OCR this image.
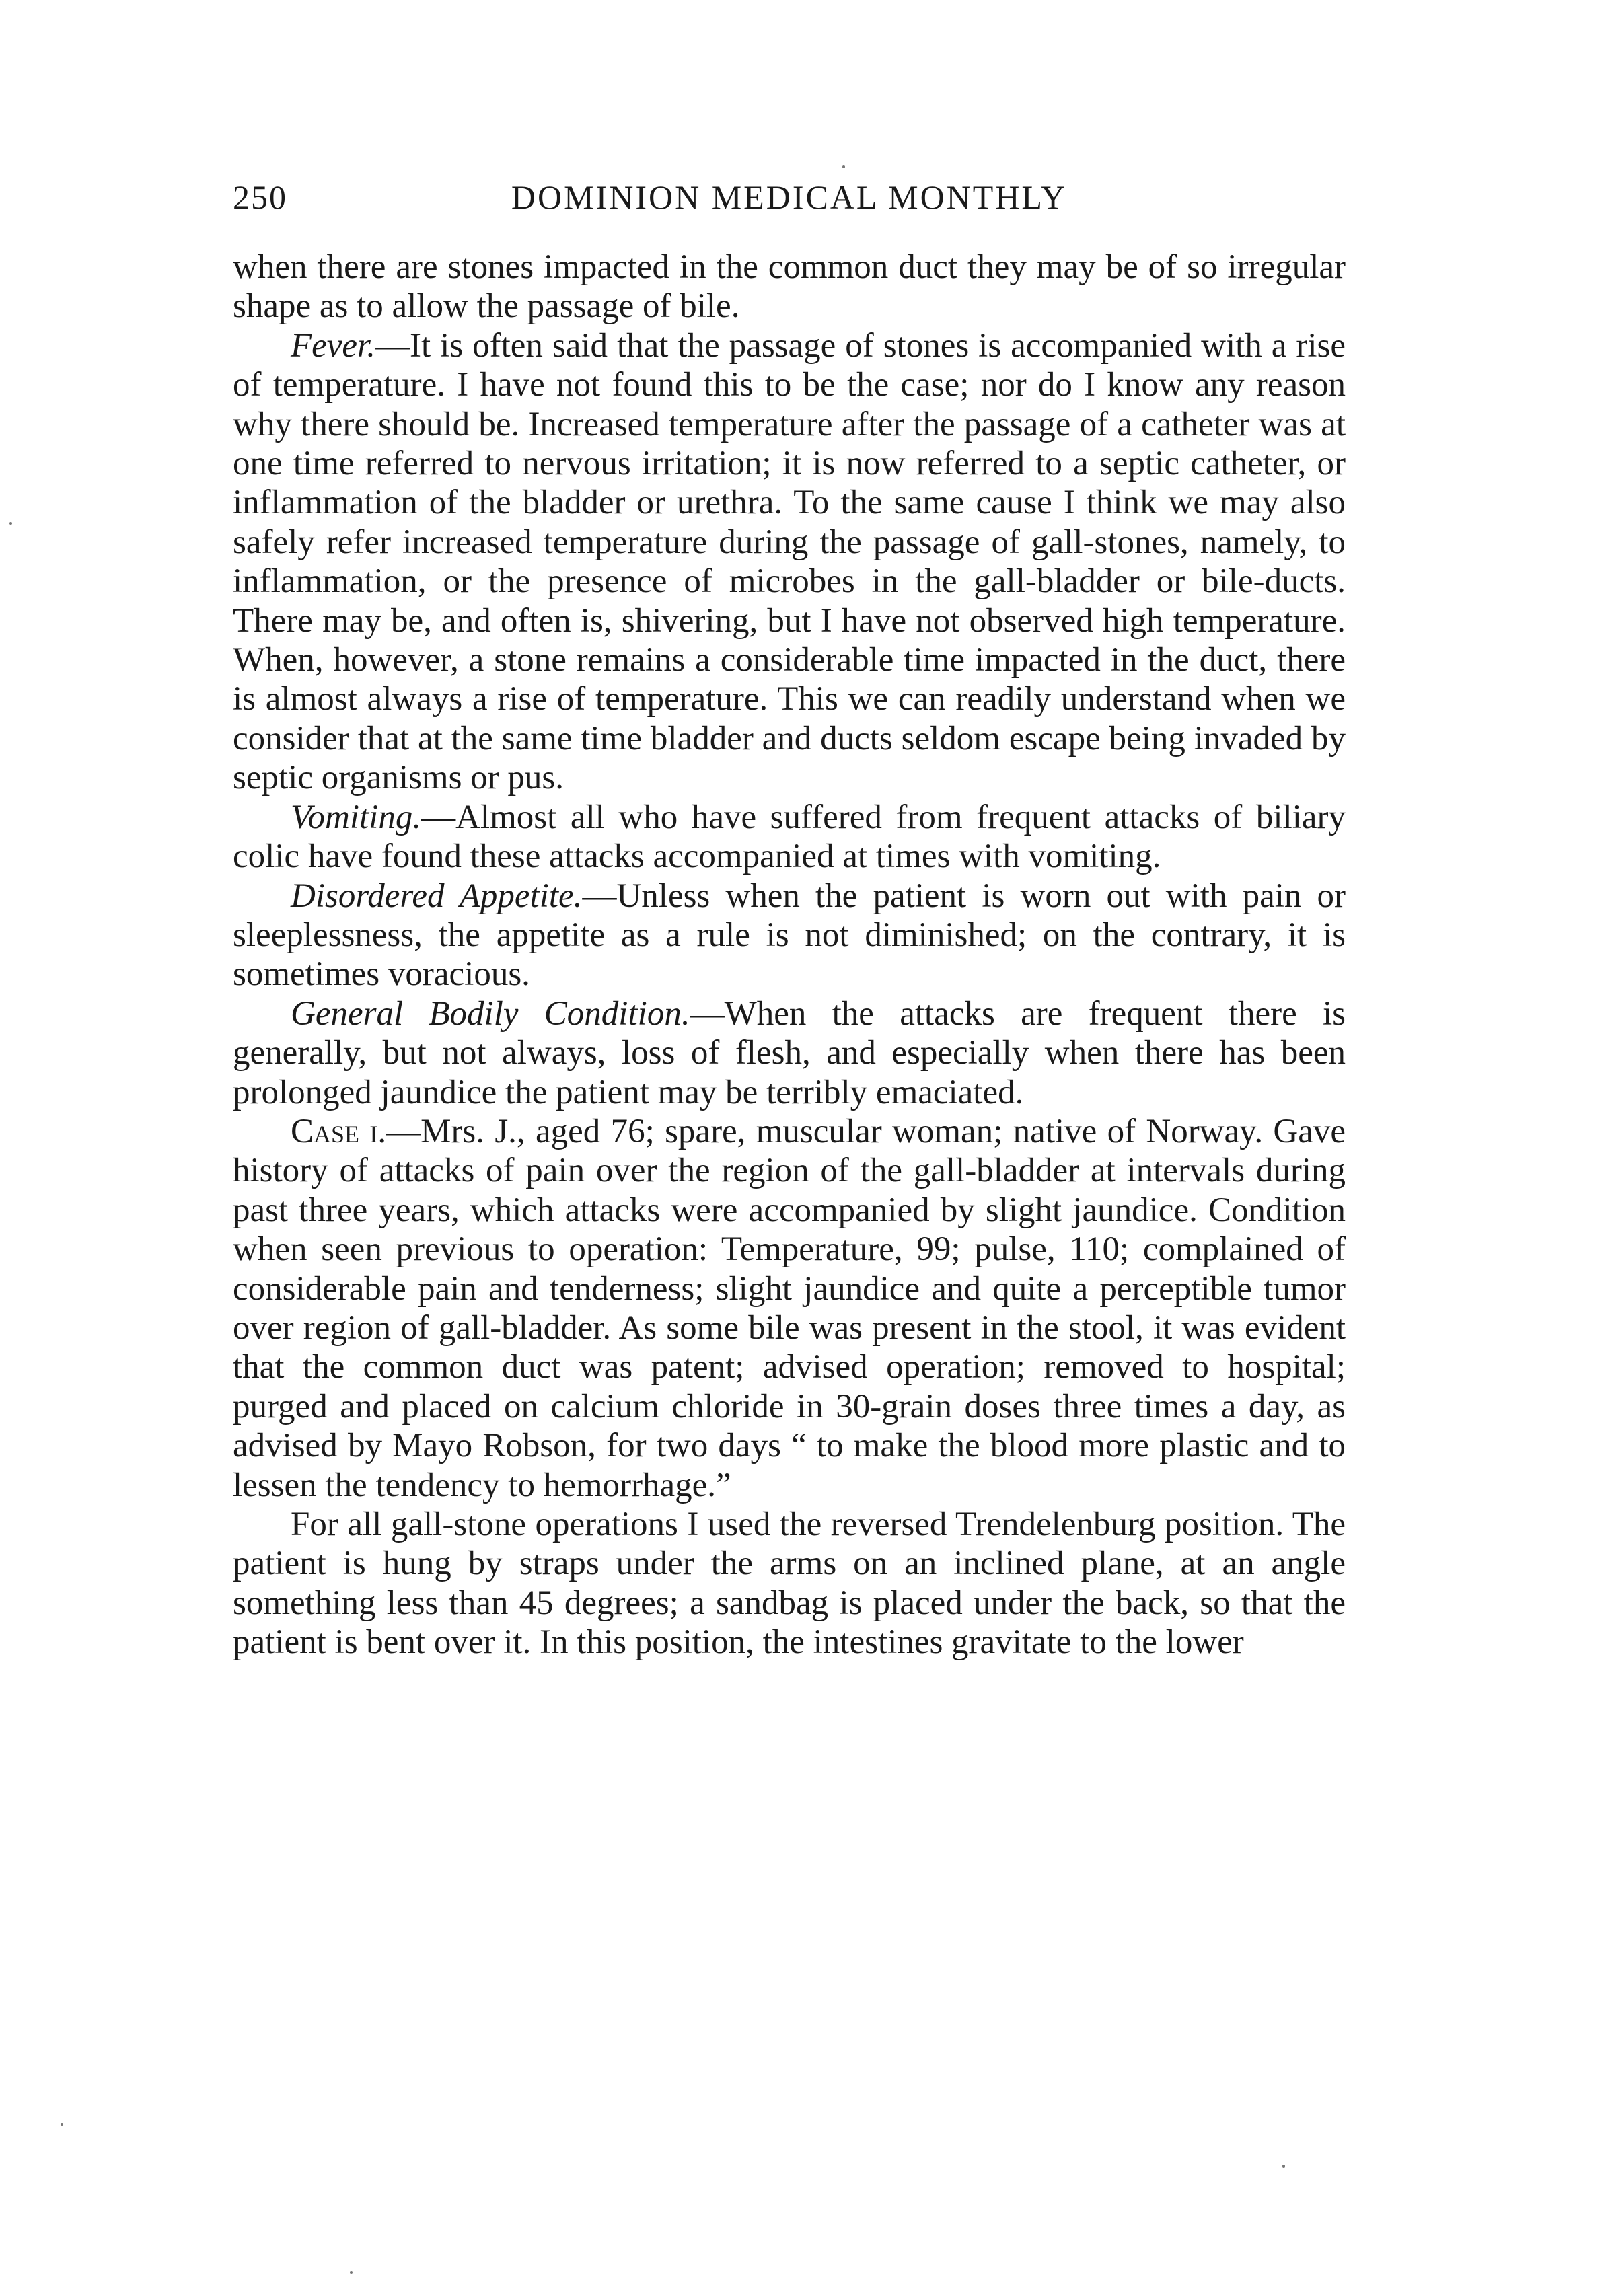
250	DOMINION MEDICAL MONTHLY

when there are stones impacted in the common duct they may be of so irregular shape as to allow the passage of bile.

Fever.—It is often said that the passage of stones is accompanied with a rise of temperature. I have not found this to be the case; nor do I know any reason why there should be. Increased temperature after the passage of a catheter was at one time referred to nervous irritation; it is now referred to a septic catheter, or inflammation of the bladder or urethra. To the same cause I think we may also safely refer increased temperature during the passage of gall-stones, namely, to inflammation, or the presence of microbes in the gall-bladder or bile-ducts. There may be, and often is, shivering, but I have not observed high temperature. When, however, a stone remains a considerable time impacted in the duct, there is almost always a rise of temperature. This we can readily understand when we consider that at the same time bladder and ducts seldom escape being invaded by septic organisms or pus.

Vomiting.—Almost all who have suffered from frequent attacks of biliary colic have found these attacks accompanied at times with vomiting.

Disordered Appetite.—Unless when the patient is worn out with pain or sleeplessness, the appetite as a rule is not diminished; on the contrary, it is sometimes voracious.

General Bodily Condition.—When the attacks are frequent there is generally, but not always, loss of flesh, and especially when there has been prolonged jaundice the patient may be terribly emaciated.

Case i.—Mrs. J., aged 76; spare, muscular woman; native of Norway. Gave history of attacks of pain over the region of the gall-bladder at intervals during past three years, which attacks were accompanied by slight jaundice. Condition when seen previous to operation: Temperature, 99; pulse, 110; complained of considerable pain and tenderness; slight jaundice and quite a perceptible tumor over region of gall-bladder. As some bile was present in the stool, it was evident that the common duct was patent; advised operation; removed to hospital; purged and placed on calcium chloride in 30-grain doses three times a day, as advised by Mayo Robson, for two days “ to make the blood more plastic and to lessen the tendency to hemorrhage.”

For all gall-stone operations I used the reversed Trendelenburg position. The patient is hung by straps under the arms on an inclined plane, at an angle something less than 45 degrees; a sandbag is placed under the back, so that the patient is bent over it. In this position, the intestines gravitate to the lower
